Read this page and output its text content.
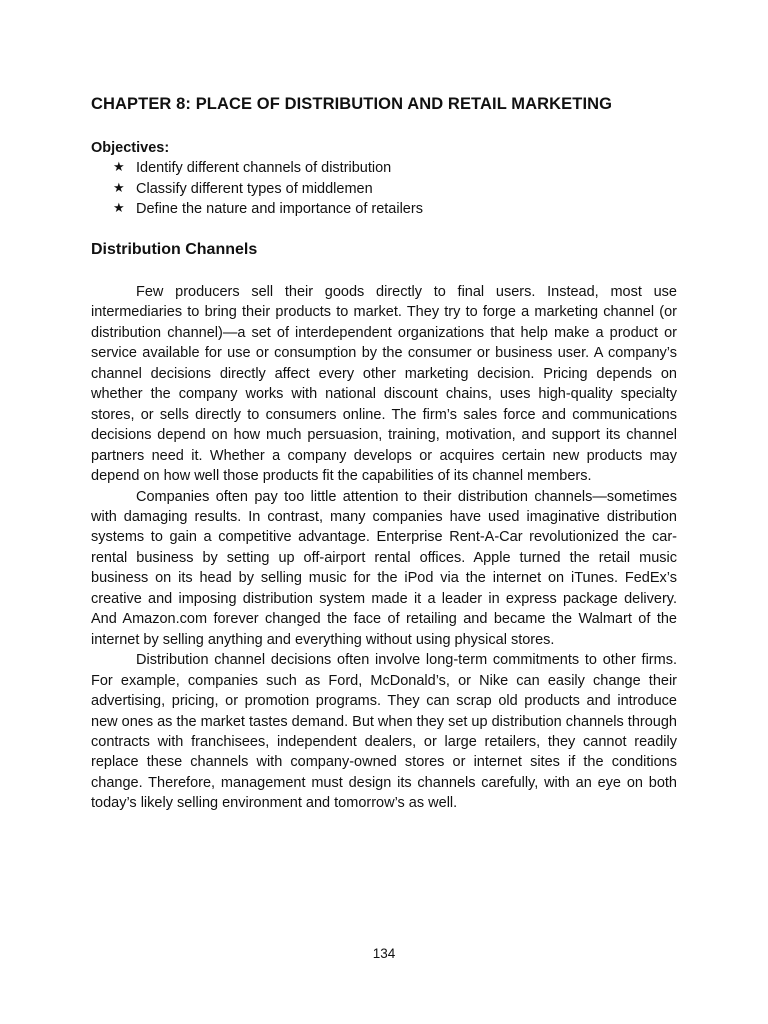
CHAPTER 8: PLACE OF DISTRIBUTION AND RETAIL MARKETING

Objectives:

★ Identify different channels of distribution
★ Classify different types of middlemen
★ Define the nature and importance of retailers
Distribution Channels

Few producers sell their goods directly to final users. Instead, most use intermediaries to bring their products to market. They try to forge a marketing channel (or distribution channel)—a set of interdependent organizations that help make a product or service available for use or consumption by the consumer or business user. A company’s channel decisions directly affect every other marketing decision. Pricing depends on whether the company works with national discount chains, uses high-quality specialty stores, or sells directly to consumers online. The firm’s sales force and communications decisions depend on how much persuasion, training, motivation, and support its channel partners need it. Whether a company develops or acquires certain new products may depend on how well those products fit the capabilities of its channel members.

Companies often pay too little attention to their distribution channels—sometimes with damaging results. In contrast, many companies have used imaginative distribution systems to gain a competitive advantage. Enterprise Rent-A-Car revolutionized the car-rental business by setting up off-airport rental offices. Apple turned the retail music business on its head by selling music for the iPod via the internet on iTunes. FedEx’s creative and imposing distribution system made it a leader in express package delivery. And Amazon.com forever changed the face of retailing and became the Walmart of the internet by selling anything and everything without using physical stores.

Distribution channel decisions often involve long-term commitments to other firms. For example, companies such as Ford, McDonald’s, or Nike can easily change their advertising, pricing, or promotion programs. They can scrap old products and introduce new ones as the market tastes demand. But when they set up distribution channels through contracts with franchisees, independent dealers, or large retailers, they cannot readily replace these channels with company-owned stores or internet sites if the conditions change. Therefore, management must design its channels carefully, with an eye on both today’s likely selling environment and tomorrow’s as well.

134
